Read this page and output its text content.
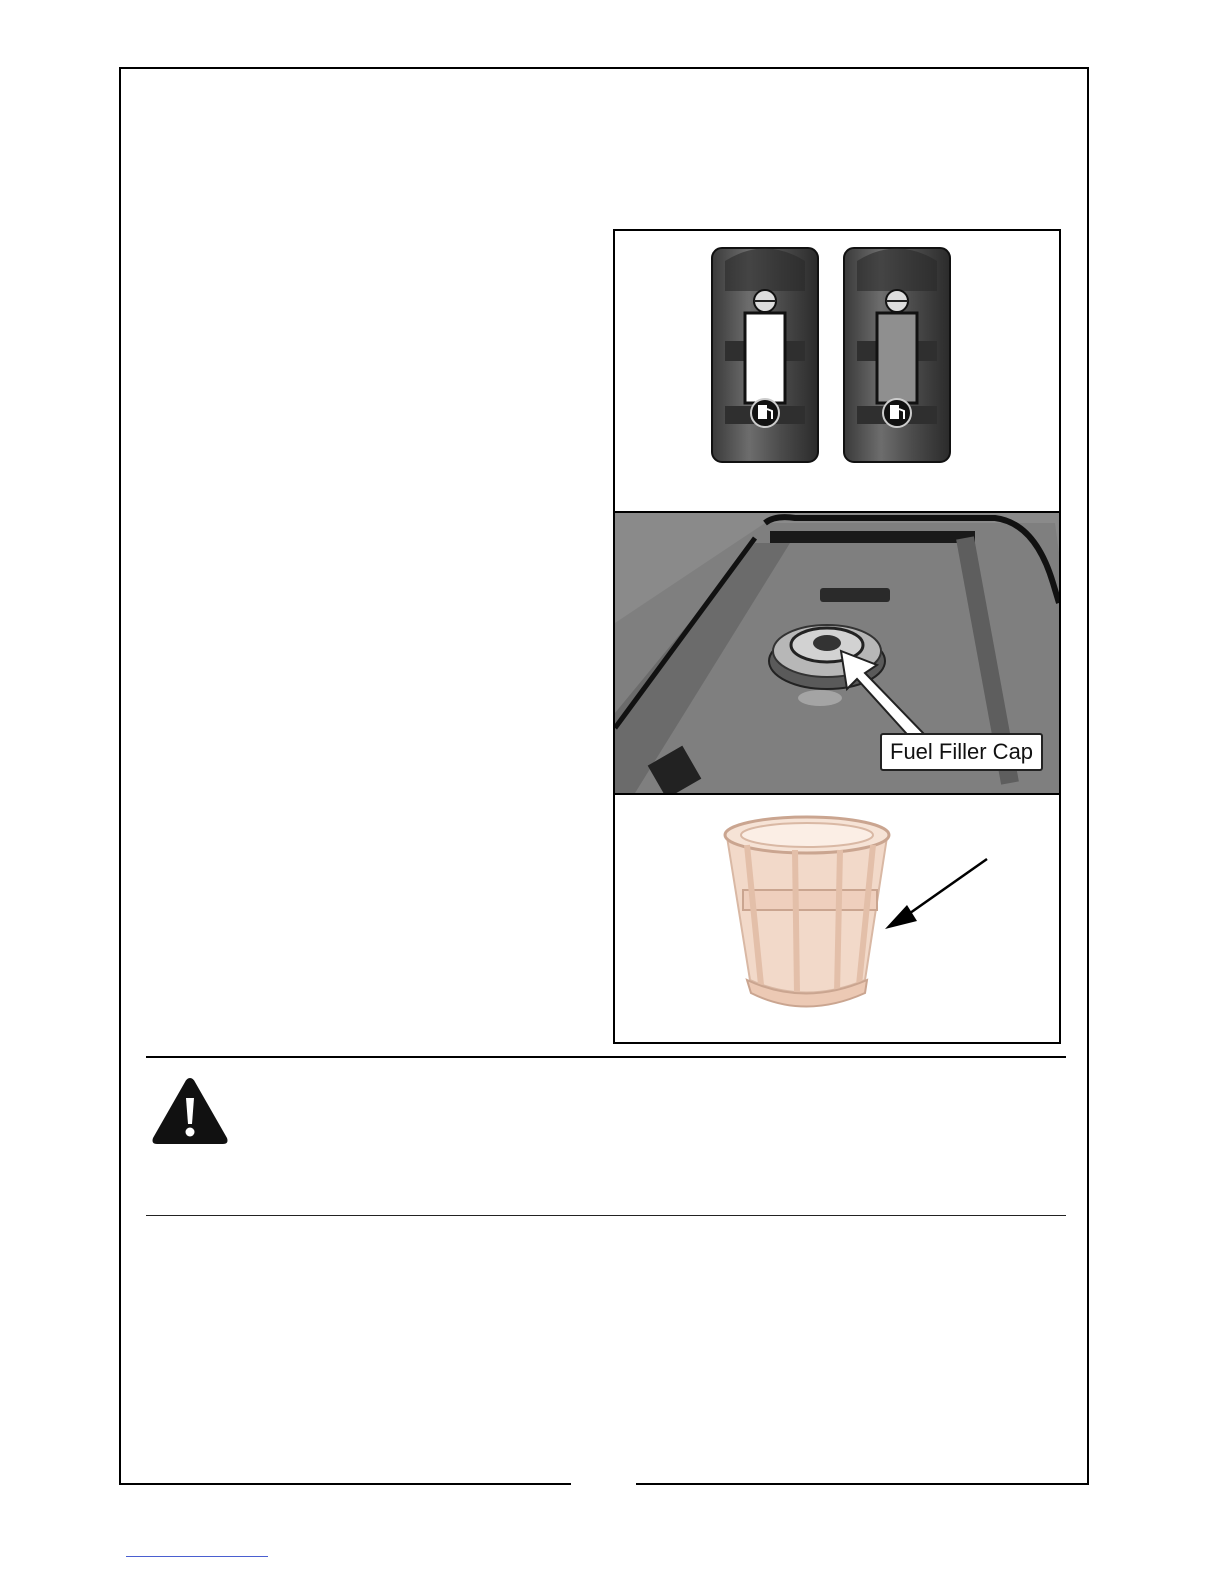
Fuel Filler Cap
